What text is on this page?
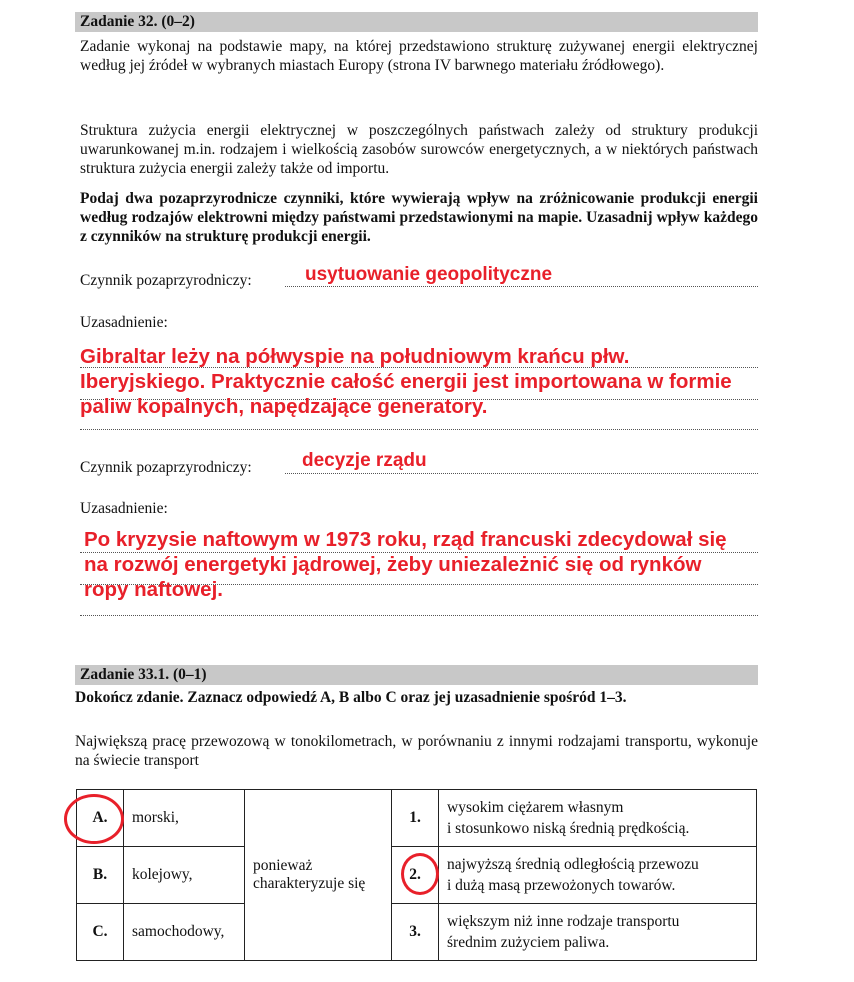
Zadanie 32. (0–2)
Zadanie wykonaj na podstawie mapy, na której przedstawiono strukturę zużywanej energii elektrycznej według jej źródeł w wybranych miastach Europy (strona IV barwnego materiału źródłowego).
Struktura zużycia energii elektrycznej w poszczególnych państwach zależy od struktury produkcji uwarunkowanej m.in. rodzajem i wielkością zasobów surowców energetycznych, a w niektórych państwach struktura zużycia energii zależy także od importu.
Podaj dwa pozaprzyrodnicze czynniki, które wywierają wpływ na zróżnicowanie produkcji energii według rodzajów elektrowni między państwami przedstawionymi na mapie. Uzasadnij wpływ każdego z czynników na strukturę produkcji energii.
Czynnik pozaprzyrodniczy:	usytuowanie geopolityczne
Uzasadnienie:
Gibraltar leży na półwyspie na południowym krańcu płw.
Iberyjskiego. Praktycznie całość energii jest importowana w formie
paliw kopalnych, napędzające generatory.
Czynnik pozaprzyrodniczy:	decyzje rządu
Uzasadnienie:
Po kryzysie naftowym w 1973 roku, rząd francuski zdecydował się
na rozwój energetyki jądrowej, żeby uniezależnić się od rynków
ropy naftowej.
Zadanie 33.1. (0–1)
Dokończ zdanie. Zaznacz odpowiedź A, B albo C oraz jej uzasadnienie spośród 1–3.
Największą pracę przewozową w tonokilometrach, w porównaniu z innymi rodzajami transportu, wykonuje na świecie transport
A.	morski,	ponieważ charakteryzuje się	1.	wysokim ciężarem własnym
i stosunkowo niską średnią prędkością.

B.	kolejowy,		2.	najwyższą średnią odległością przewozu
i dużą masą przewożonych towarów.

C.	samochodowy,		3.	większym niż inne rodzaje transportu
średnim zużyciem paliwa.
